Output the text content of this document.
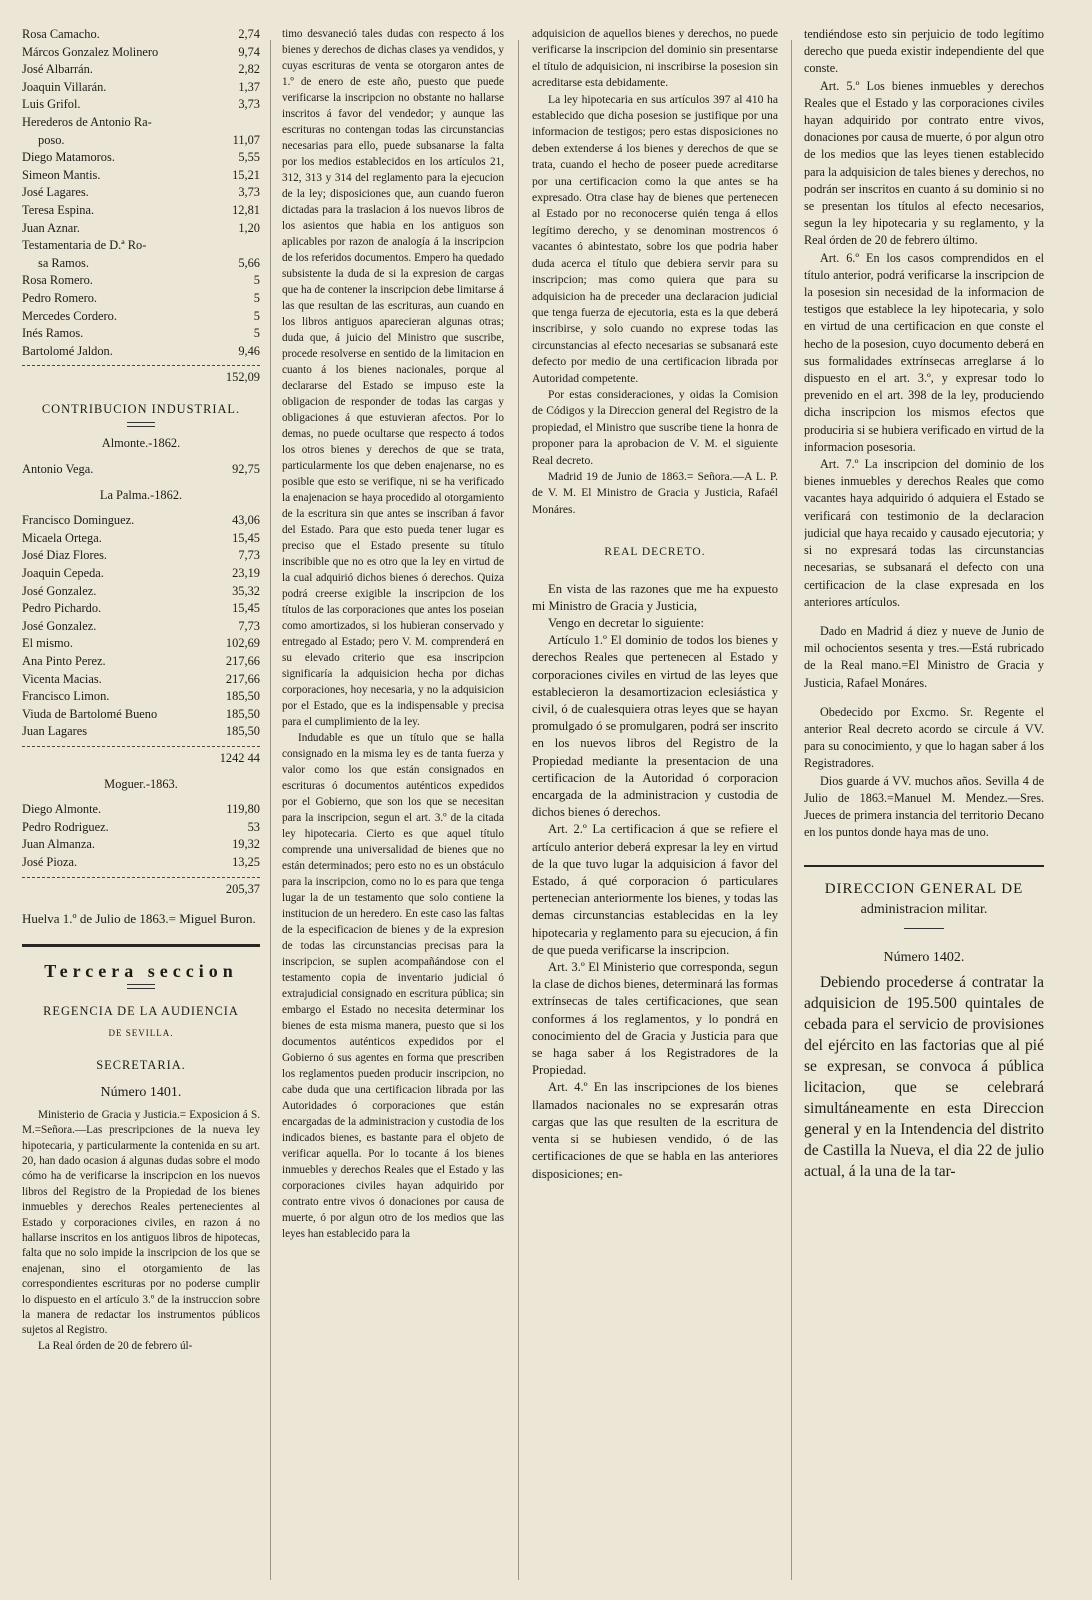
Rosa Camacho.	2,74
Márcos Gonzalez Molinero	9,74
José Albarrán.	2,82
Joaquin Villarán.	1,37
Luis Grifol.	3,73
Herederos de Antonio Ra-
poso.	11,07
Diego Matamoros.	5,55
Simeon Mantis.	15,21
José Lagares.	3,73
Teresa Espina.	12,81
Juan Aznar.	1,20
Testamentaria de D.ª Ro-
sa Ramos.	5,66
Rosa Romero.	5
Pedro Romero.	5
Mercedes Cordero.	5
Inés Ramos.	5
Bartolomé Jaldon.	9,46
152,09
CONTRIBUCION INDUSTRIAL.
Almonte.-1862.
Antonio Vega.	92,75
La Palma.-1862.
Francisco Dominguez.	43,06
Micaela Ortega.	15,45
José Diaz Flores.	7,73
Joaquin Cepeda.	23,19
José Gonzalez.	35,32
Pedro Pichardo.	15,45
José Gonzalez.	7,73
El mismo.	102,69
Ana Pinto Perez.	217,66
Vicenta Macias.	217,66
Francisco Limon.	185,50
Viuda de Bartolomé Bueno	185,50
Juan Lagares	185,50
1242 44
Moguer.-1863.
Diego Almonte.	119,80
Pedro Rodriguez.	53
Juan Almanza.	19,32
José Pioza.	13,25
205,37

Huelva 1.º de Julio de 1863.= Miguel Buron.

Tercera seccion
REGENCIA DE LA AUDIENCIA
DE SEVILLA.
SECRETARIA.
Número 1401.

Ministerio de Gracia y Justicia.= Exposicion á S. M.=Señora.—Las prescripciones de la nueva ley hipotecaria, y particularmente la contenida en su art. 20, han dado ocasion á algunas dudas sobre el modo cómo ha de verificarse la inscripcion en los nuevos libros del Registro de la Propiedad de los bienes inmuebles y derechos Reales pertenecientes al Estado y corporaciones civiles, en razon á no hallarse inscritos en los antiguos libros de hipotecas, falta que no solo impide la inscripcion de los que se enajenan, sino el otorgamiento de las correspondientes escrituras por no poderse cumplir lo dispuesto en el artículo 3.º de la instruccion sobre la manera de redactar los instrumentos públicos sujetos al Registro.

La Real órden de 20 de febrero úl-

timo desvaneció tales dudas con respecto á los bienes y derechos de dichas clases ya vendidos, y cuyas escrituras de venta se otorgaron antes de 1.º de enero de este año, puesto que puede verificarse la inscripcion no obstante no hallarse inscritos á favor del vendedor; y aunque las escrituras no contengan todas las circunstancias necesarias para ello, puede subsanarse la falta por los medios establecidos en los artículos 21, 312, 313 y 314 del reglamento para la ejecucion de la ley; disposiciones que, aun cuando fueron dictadas para la traslacion á los nuevos libros de los asientos que habia en los antiguos son aplicables por razon de analogía á la inscripcion de los referidos documentos. Empero ha quedado subsistente la duda de si la expresion de cargas que ha de contener la inscripcion debe limitarse á las que resultan de las escrituras, aun cuando en los libros antiguos aparecieran algunas otras; duda que, á juicio del Ministro que suscribe, procede resolverse en sentido de la limitacion en cuanto á los bienes nacionales, porque al declararse del Estado se impuso este la obligacion de responder de todas las cargas y obligaciones á que estuvieran afectos. Por lo demas, no puede ocultarse que respecto á todos los otros bienes y derechos de que se trata, particularmente los que deben enajenarse, no es posible que esto se verifique, ni se ha verificado la enajenacion se haya procedido al otorgamiento de la escritura sin que antes se inscriban á favor del Estado. Para que esto pueda tener lugar es preciso que el Estado presente su título inscribible que no es otro que la ley en virtud de la cual adquirió dichos bienes ó derechos. Quiza podrá creerse exigible la inscripcion de los títulos de las corporaciones que antes los poseian como amortizados, si los hubieran conservado y entregado al Estado; pero V. M. comprenderá en su elevado criterio que esa inscripcion significaría la adquisicion hecha por dichas corporaciones, hoy necesaria, y no la adquisicion por el Estado, que es la indispensable y precisa para el cumplimiento de la ley.

Indudable es que un título que se halla consignado en la misma ley es de tanta fuerza y valor como los que están consignados en escrituras ó documentos auténticos expedidos por el Gobierno, que son los que se necesitan para la inscripcion, segun el art. 3.º de la citada ley hipotecaria. Cierto es que aquel título comprende una universalidad de bienes que no están determinados; pero esto no es un obstáculo para la inscripcion, como no lo es para que tenga lugar la de un testamento que solo contiene la institucion de un heredero. En este caso las faltas de la especificacion de bienes y de la expresion de todas las circunstancias precisas para la inscripcion, se suplen acompañándose con el testamento copia de inventario judicial ó extrajudicial consignado en escritura pública; sin embargo el Estado no necesita determinar los bienes de esta misma manera, puesto que si los documentos auténticos expedidos por el Gobierno ó sus agentes en forma que prescriben los reglamentos pueden producir inscripcion, no cabe duda que una certificacion librada por las Autoridades ó corporaciones que están encargadas de la administracion y custodia de los indicados bienes, es bastante para el objeto de verificar aquella. Por lo tocante á los bienes inmuebles y derechos Reales que el Estado y las corporaciones civiles hayan adquirido por contrato entre vivos ó donaciones por causa de muerte, ó por algun otro de los medios que las leyes han establecido para la

adquisicion de aquellos bienes y derechos, no puede verificarse la inscripcion del dominio sin presentarse el título de adquisicion, ni inscribirse la posesion sin acreditarse esta debidamente.

La ley hipotecaria en sus artículos 397 al 410 ha establecido que dicha posesion se justifique por una informacion de testigos; pero estas disposiciones no deben extenderse á los bienes y derechos de que se trata, cuando el hecho de poseer puede acreditarse por una certificacion como la que antes se ha expresado. Otra clase hay de bienes que pertenecen al Estado por no reconocerse quién tenga á ellos legítimo derecho, y se denominan mostrencos ó vacantes ó abintestato, sobre los que podria haber duda acerca el título que debiera servir para su inscripcion; mas como quiera que para su adquisicion ha de preceder una declaracion judicial que tenga fuerza de ejecutoria, esta es la que deberá inscribirse, y solo cuando no exprese todas las circunstancias al efecto necesarias se subsanará este defecto por medio de una certificacion librada por Autoridad competente.

Por estas consideraciones, y oidas la Comision de Códigos y la Direccion general del Registro de la propiedad, el Ministro que suscribe tiene la honra de proponer para la aprobacion de V. M. el siguiente Real decreto.

Madrid 19 de Junio de 1863.= Señora.—A L. P. de V. M. El Ministro de Gracia y Justicia, Rafaél Monáres.

REAL DECRETO.

En vista de las razones que me ha expuesto mi Ministro de Gracia y Justicia,

Vengo en decretar lo siguiente:

Artículo 1.º El dominio de todos los bienes y derechos Reales que pertenecen al Estado y corporaciones civiles en virtud de las leyes que establecieron la desamortizacion eclesiástica y civil, ó de cualesquiera otras leyes que se hayan promulgado ó se promulgaren, podrá ser inscrito en los nuevos libros del Registro de la Propiedad mediante la presentacion de una certificacion de la Autoridad ó corporacion encargada de la administracion y custodia de dichos bienes ó derechos.

Art. 2.º La certificacion á que se refiere el artículo anterior deberá expresar la ley en virtud de la que tuvo lugar la adquisicion á favor del Estado, á qué corporacion ó particulares pertenecian anteriormente los bienes, y todas las demas circunstancias establecidas en la ley hipotecaria y reglamento para su ejecucion, á fin de que pueda verificarse la inscripcion.

Art. 3.º El Ministerio que corresponda, segun la clase de dichos bienes, determinará las formas extrínsecas de tales certificaciones, que sean conformes á los reglamentos, y lo pondrá en conocimiento del de Gracia y Justicia para que se haga saber á los Registradores de la Propiedad.

Art. 4.º En las inscripciones de los bienes llamados nacionales no se expresarán otras cargas que las que resulten de la escritura de venta si se hubiesen vendido, ó de las certificaciones de que se habla en las anteriores disposiciones; en-

tendiéndose esto sin perjuicio de todo legítimo derecho que pueda existir independiente del que conste.

Art. 5.º Los bienes inmuebles y derechos Reales que el Estado y las corporaciones civiles hayan adquirido por contrato entre vivos, donaciones por causa de muerte, ó por algun otro de los medios que las leyes tienen establecido para la adquisicion de tales bienes y derechos, no podrán ser inscritos en cuanto á su dominio si no se presentan los títulos al efecto necesarios, segun la ley hipotecaria y su reglamento, y la Real órden de 20 de febrero último.

Art. 6.º En los casos comprendidos en el título anterior, podrá verificarse la inscripcion de la posesion sin necesidad de la informacion de testigos que establece la ley hipotecaria, y solo en virtud de una certificacion en que conste el hecho de la posesion, cuyo documento deberá en sus formalidades extrínsecas arreglarse á lo dispuesto en el art. 3.º, y expresar todo lo prevenido en el art. 398 de la ley, produciendo dicha inscripcion los mismos efectos que produciria si se hubiera verificado en virtud de la informacion posesoria.

Art. 7.º La inscripcion del dominio de los bienes inmuebles y derechos Reales que como vacantes haya adquirido ó adquiera el Estado se verificará con testimonio de la declaracion judicial que haya recaido y causado ejecutoria; y si no expresará todas las circunstancias necesarias, se subsanará el defecto con una certificacion de la clase expresada en los anteriores artículos.

Dado en Madrid á diez y nueve de Junio de mil ochocientos sesenta y tres.—Está rubricado de la Real mano.=El Ministro de Gracia y Justicia, Rafael Monáres.

Obedecido por Excmo. Sr. Regente el anterior Real decreto acordo se circule á VV. para su conocimiento, y que lo hagan saber á los Registradores.

Dios guarde á VV. muchos años. Sevilla 4 de Julio de 1863.=Manuel M. Mendez.—Sres. Jueces de primera instancia del territorio Decano en los puntos donde haya mas de uno.

DIRECCION GENERAL DE
administracion militar.
Número 1402.

Debiendo procederse á contratar la adquisicion de 195.500 quintales de cebada para el servicio de provisiones del ejército en las factorias que al pié se expresan, se convoca á pública licitacion, que se celebrará simultáneamente en esta Direccion general y en la Intendencia del distrito de Castilla la Nueva, el dia 22 de julio actual, á la una de la tar-
